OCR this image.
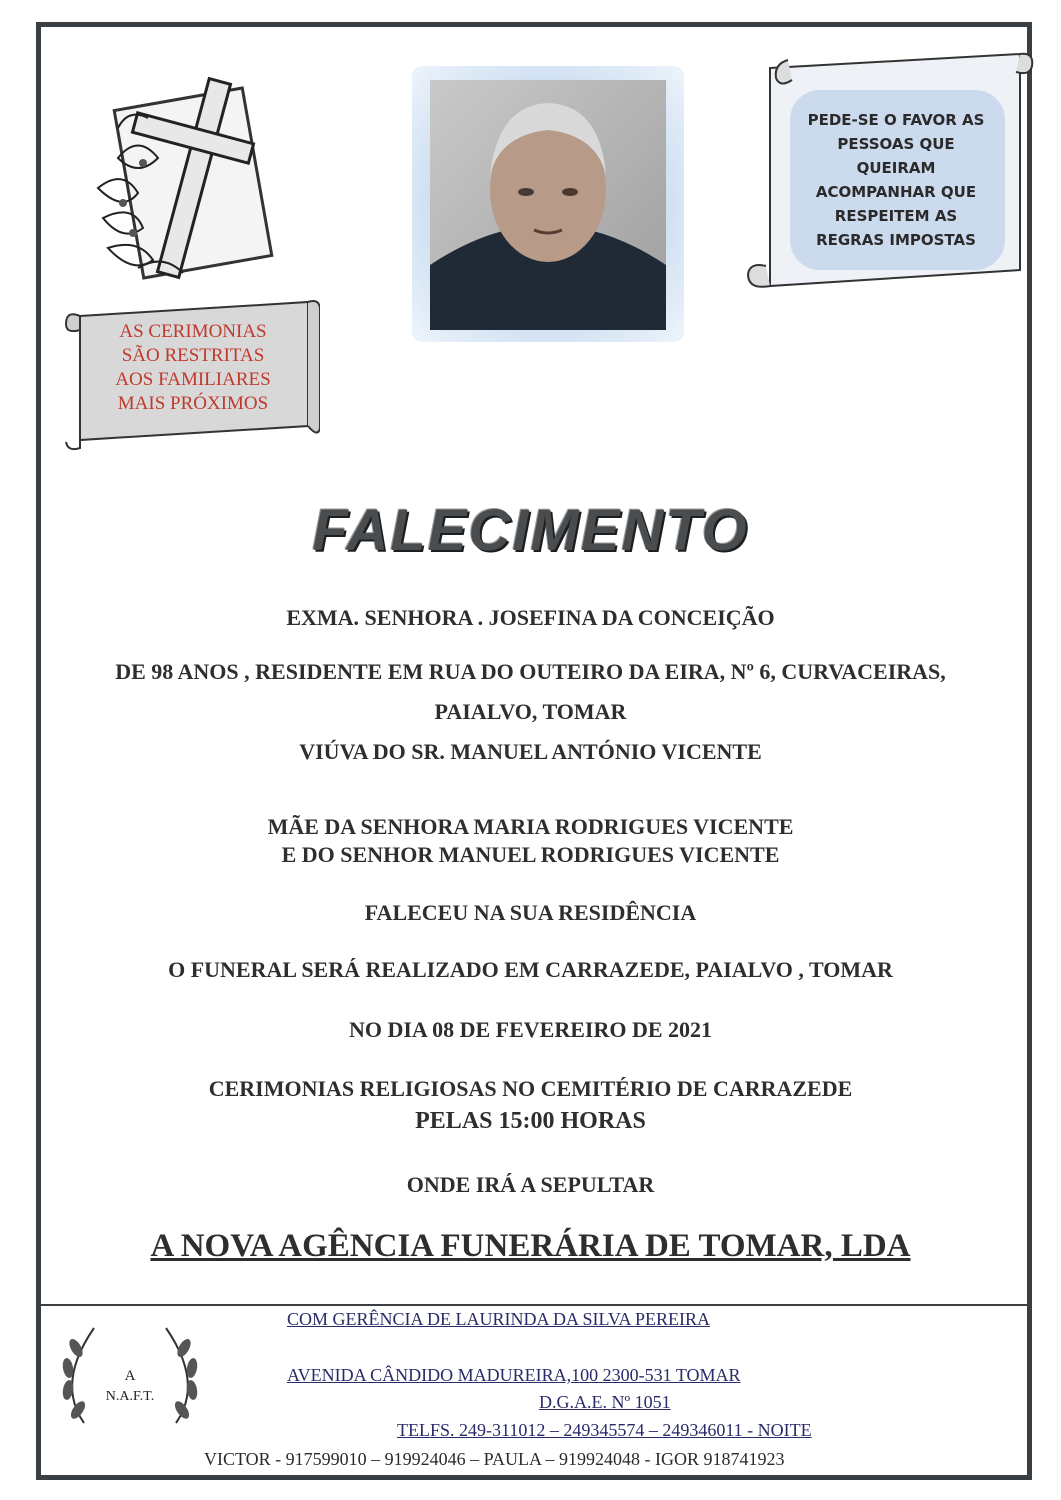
AS CERIMONIAS
SÃO RESTRITAS
AOS FAMILIARES
MAIS PRÓXIMOS
PEDE-SE O FAVOR AS
PESSOAS QUE
QUEIRAM
ACOMPANHAR QUE
RESPEITEM AS
REGRAS IMPOSTAS
FALECIMENTO
EXMA. SENHORA . JOSEFINA DA CONCEIÇÃO
DE 98 ANOS , RESIDENTE EM RUA DO OUTEIRO DA EIRA, Nº 6, CURVACEIRAS,
PAIALVO, TOMAR
VIÚVA DO SR. MANUEL ANTÓNIO VICENTE
MÃE DA SENHORA MARIA RODRIGUES VICENTE
E DO SENHOR MANUEL RODRIGUES VICENTE
FALECEU NA SUA RESIDÊNCIA
O FUNERAL SERÁ REALIZADO EM CARRAZEDE, PAIALVO , TOMAR
NO DIA 08 DE FEVEREIRO DE 2021
CERIMONIAS RELIGIOSAS NO CEMITÉRIO DE CARRAZEDE
PELAS 15:00 HORAS
ONDE IRÁ A SEPULTAR
A NOVA AGÊNCIA FUNERÁRIA DE TOMAR, LDA
A
N.A.F.T.
COM GERÊNCIA DE LAURINDA DA SILVA PEREIRA
AVENIDA CÂNDIDO MADUREIRA,100 2300-531 TOMAR
D.G.A.E. Nº 1051
TELFS. 249-311012 – 249345574 – 249346011 - NOITE
VICTOR - 917599010 – 919924046 – PAULA – 919924048 - IGOR 918741923
